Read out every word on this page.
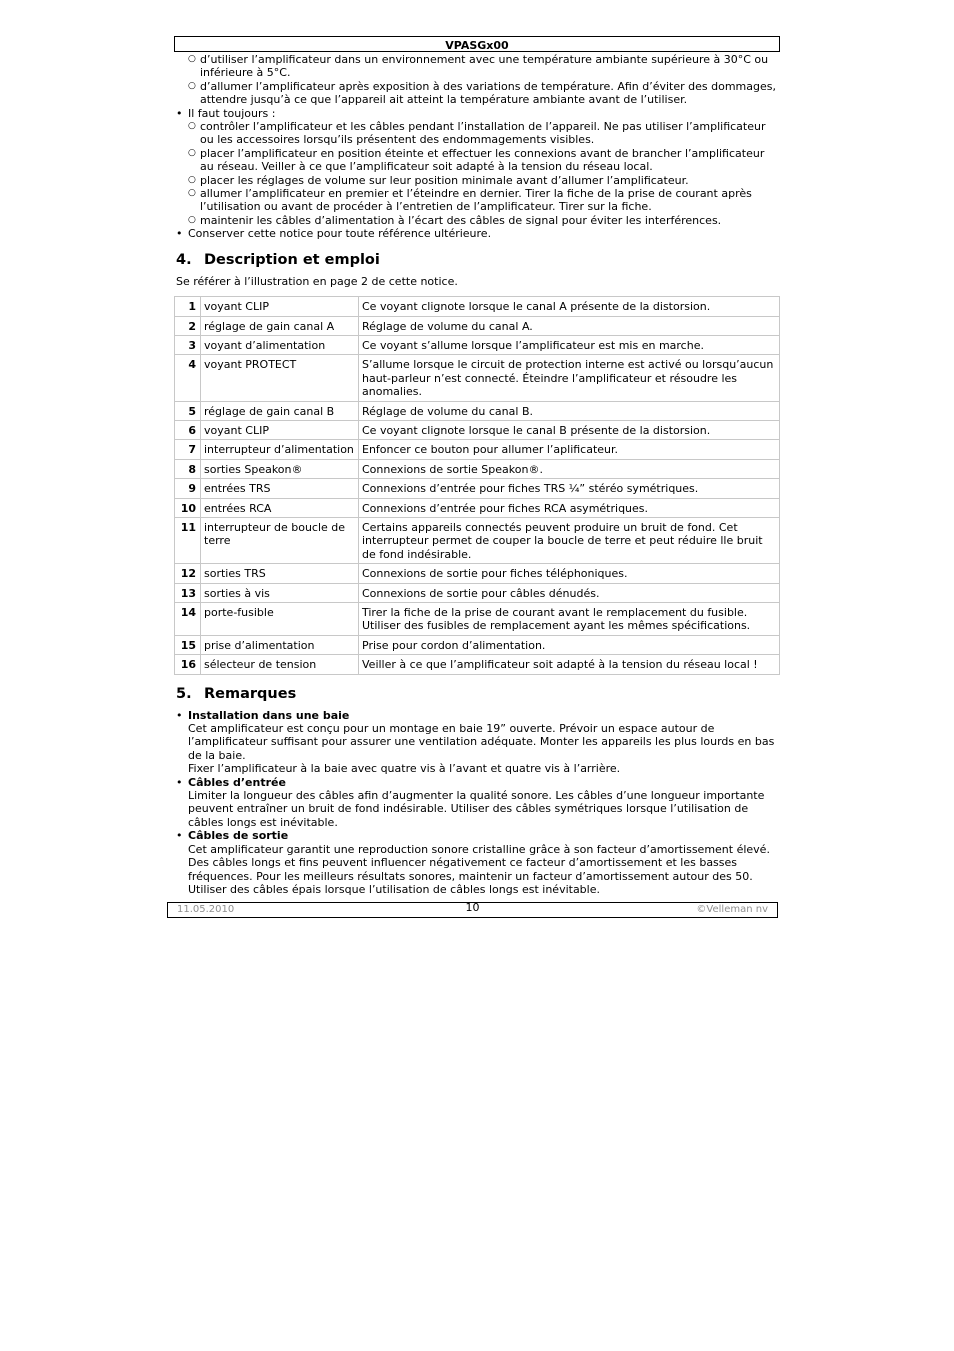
VPASGx00
○ d’utiliser l’amplificateur dans un environnement avec une température ambiante supérieure à 30°C ou inférieure à 5°C.
○ d’allumer l’amplificateur après exposition à des variations de température. Afin d’éviter des dommages, attendre jusqu’à ce que l’appareil ait atteint la température ambiante avant de l’utiliser.
• Il faut toujours :
○ contrôler l’amplificateur et les câbles pendant l’installation de l’appareil. Ne pas utiliser l’amplificateur ou les accessoires lorsqu’ils présentent des endommagements visibles.
○ placer l’amplificateur en position éteinte et effectuer les connexions avant de brancher l’amplificateur au réseau. Veiller à ce que l’amplificateur soit adapté à la tension du réseau local.
○ placer les réglages de volume sur leur position minimale avant d’allumer l’amplificateur.
○ allumer l’amplificateur en premier et l’éteindre en dernier. Tirer la fiche de la prise de courant après l’utilisation ou avant de procéder à l’entretien de l’amplificateur. Tirer sur la fiche.
○ maintenir les câbles d’alimentation à l’écart des câbles de signal pour éviter les interférences.
• Conserver cette notice pour toute référence ultérieure.
4. Description et emploi

Se référer à l’illustration en page 2 de cette notice.

1	voyant CLIP	Ce voyant clignote lorsque le canal A présente de la distorsion.
2	réglage de gain canal A	Réglage de volume du canal A.
3	voyant d’alimentation	Ce voyant s’allume lorsque l’amplificateur est mis en marche.
4	voyant PROTECT	S’allume lorsque le circuit de protection interne est activé ou lorsqu’aucun haut-parleur n’est connecté. Éteindre l’amplificateur et résoudre les anomalies.
5	réglage de gain canal B	Réglage de volume du canal B.
6	voyant CLIP	Ce voyant clignote lorsque le canal B présente de la distorsion.
7	interrupteur d’alimentation	Enfoncer ce bouton pour allumer l’aplificateur.
8	sorties Speakon®	Connexions de sortie Speakon®.
9	entrées TRS	Connexions d’entrée pour fiches TRS ¼” stéréo symétriques.
10	entrées RCA	Connexions d’entrée pour fiches RCA asymétriques.
11	interrupteur de boucle de terre	Certains appareils connectés peuvent produire un bruit de fond. Cet interrupteur permet de couper la boucle de terre et peut réduire lle bruit de fond indésirable.
12	sorties TRS	Connexions de sortie pour fiches téléphoniques.
13	sorties à vis	Connexions de sortie pour câbles dénudés.
14	porte-fusible	Tirer la fiche de la prise de courant avant le remplacement du fusible. Utiliser des fusibles de remplacement ayant les mêmes spécifications.
15	prise d’alimentation	Prise pour cordon d’alimentation.
16	sélecteur de tension	Veiller à ce que l’amplificateur soit adapté à la tension du réseau local !
5. Remarques
• Installation dans une baie
Cet amplificateur est conçu pour un montage en baie 19” ouverte. Prévoir un espace autour de l’amplificateur suffisant pour assurer une ventilation adéquate. Monter les appareils les plus lourds en bas de la baie.
Fixer l’amplificateur à la baie avec quatre vis à l’avant et quatre vis à l’arrière.
• Câbles d’entrée
Limiter la longueur des câbles afin d’augmenter la qualité sonore. Les câbles d’une longueur importante peuvent entraîner un bruit de fond indésirable. Utiliser des câbles symétriques lorsque l’utilisation de câbles longs est inévitable.
• Câbles de sortie
Cet amplificateur garantit une reproduction sonore cristalline grâce à son facteur d’amortissement élevé. Des câbles longs et fins peuvent influencer négativement ce facteur d’amortissement et les basses fréquences. Pour les meilleurs résultats sonores, maintenir un facteur d’amortissement autour des 50. Utiliser des câbles épais lorsque l’utilisation de câbles longs est inévitable.
11.05.2010	10	©Velleman nv
